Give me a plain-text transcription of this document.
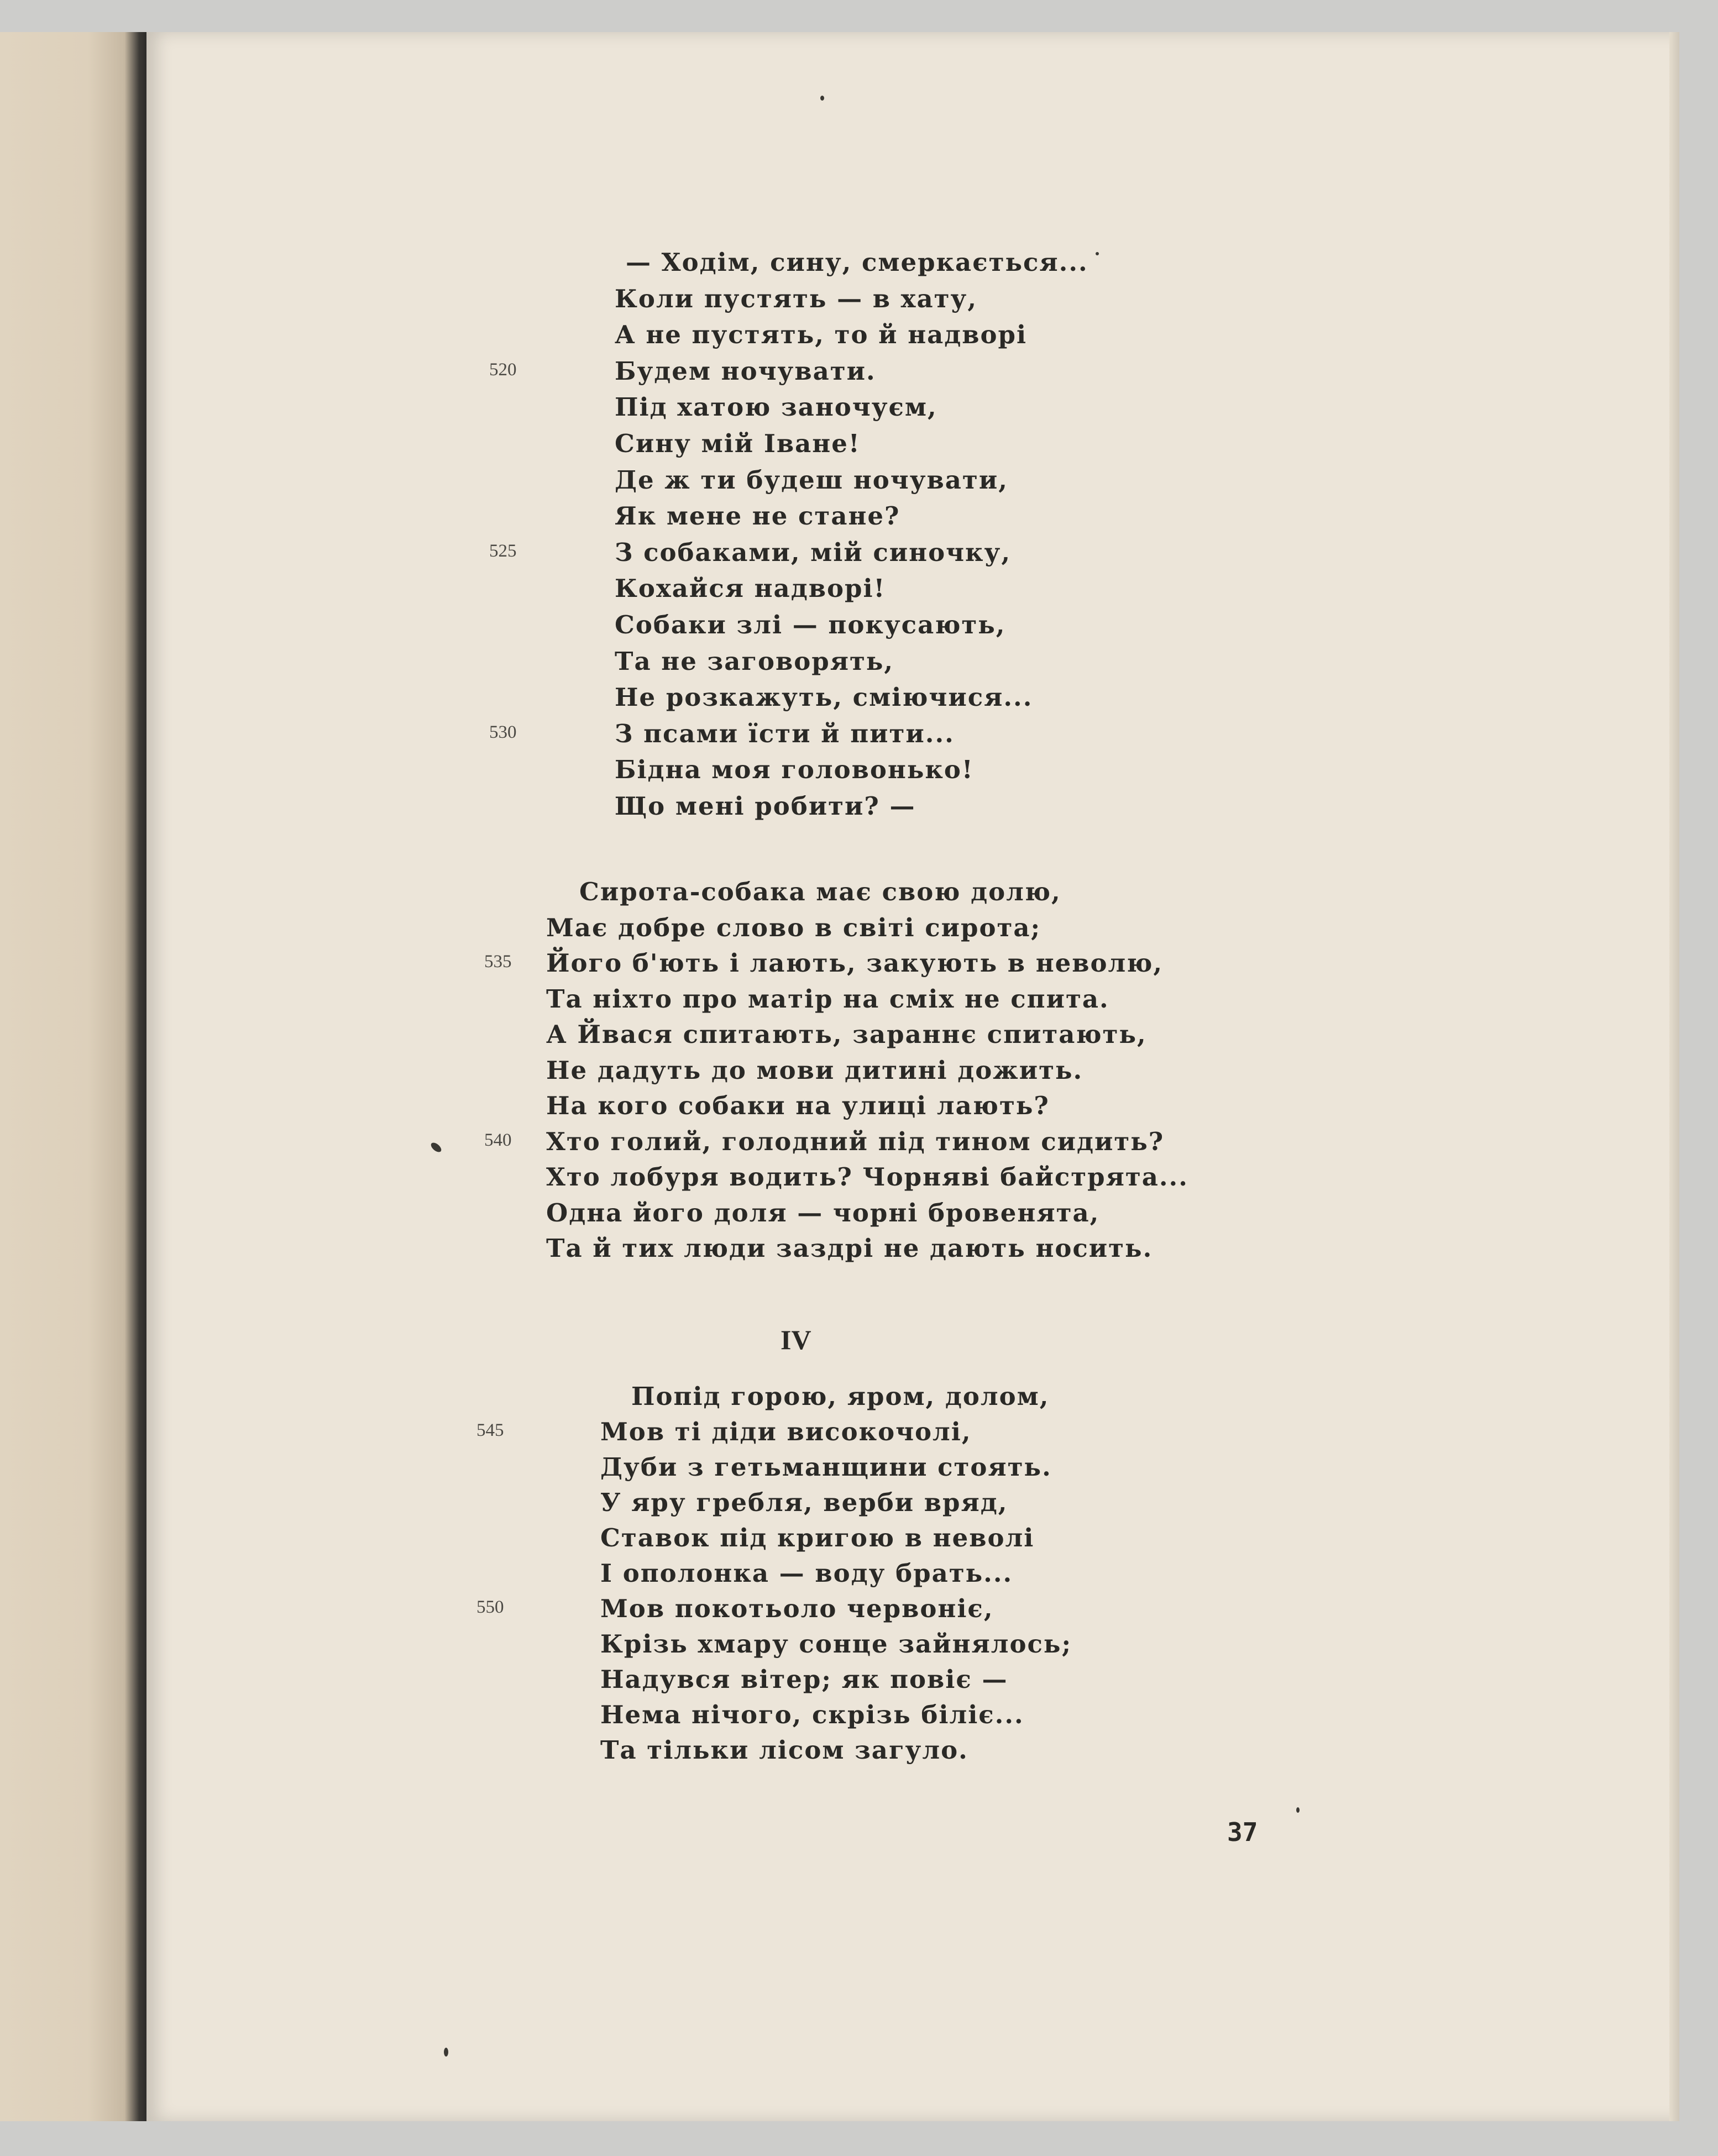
— Ходім, сину, смеркається...
Коли пустять — в хату,
А не пустять, то й надворі
Будем ночувати.
520
Під хатою заночуєм,
Сину мій Іване!
Де ж ти будеш ночувати,
Як мене не стане?
З собаками, мій синочку,
525
Кохайся надворі!
Собаки злі — покусають,
Та не заговорять,
Не розкажуть, сміючися...
З псами їсти й пити...
530
Бідна моя головонько!
Що мені робити? —
Сирота-собака має свою долю,
Має добре слово в світі сирота;
Його б'ють і лають, закують в неволю,
535
Та ніхто про матір на сміх не спита.
А Йвася спитають, зараннє спитають,
Не дадуть до мови дитині дожить.
На кого собаки на улиці лають?
Хто голий, голодний під тином сидить?
540
Хто лобуря водить? Чорняві байстрята...
Одна його доля — чорні бровенята,
Та й тих люди заздрі не дають носить.
Попід горою, яром, долом,
Мов ті діди високочолі,
545
Дуби з гетьманщини стоять.
У яру гребля, верби вряд,
Ставок під кригою в неволі
І ополонка — воду брать...
Мов покотьоло червоніє,
550
Крізь хмару сонце зайнялось;
Надувся вітер; як повіє —
Нема нічого, скрізь біліє...
Та тільки лісом загуло.
IV
37
